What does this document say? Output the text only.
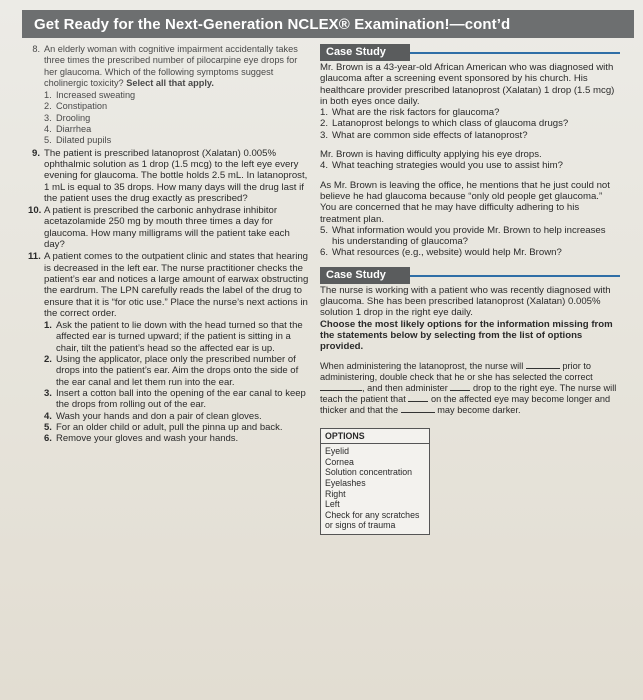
Get Ready for the Next-Generation NCLEX® Examination!—cont’d
8. An elderly woman with cognitive impairment accidentally takes three times the prescribed number of pilocarpine eye drops for her glaucoma. Which of the following symptoms suggest cholinergic toxicity? Select all that apply.
1. Increased sweating
2. Constipation
3. Drooling
4. Diarrhea
5. Dilated pupils
9. The patient is prescribed latanoprost (Xalatan) 0.005% ophthalmic solution as 1 drop (1.5 mcg) to the left eye every evening for glaucoma. The bottle holds 2.5 mL. In latanoprost, 1 mL is equal to 35 drops. How many days will the drug last if the patient uses the drug exactly as prescribed?
10. A patient is prescribed the carbonic anhydrase inhibitor acetazolamide 250 mg by mouth three times a day for glaucoma. How many milligrams will the patient take each day?
11. A patient comes to the outpatient clinic and states that hearing is decreased in the left ear. The nurse practitioner checks the patient’s ear and notices a large amount of earwax obstructing the eardrum. The LPN carefully reads the label of the drug to ensure that it is “for otic use.” Place the nurse’s next actions in the correct order.
1. Ask the patient to lie down with the head turned so that the affected ear is turned upward; if the patient is sitting in a chair, tilt the patient’s head so the affected ear is up.
2. Using the applicator, place only the prescribed number of drops into the patient’s ear. Aim the drops onto the side of the ear canal and let them run into the ear.
3. Insert a cotton ball into the opening of the ear canal to keep the drops from rolling out of the ear.
4. Wash your hands and don a pair of clean gloves.
5. For an older child or adult, pull the pinna up and back.
6. Remove your gloves and wash your hands.
Case Study

Mr. Brown is a 43-year-old African American who was diagnosed with glaucoma after a screening event sponsored by his church. His healthcare provider prescribed latanoprost (Xalatan) 1 drop (1.5 mcg) in both eyes once daily.

1. What are the risk factors for glaucoma?
2. Latanoprost belongs to which class of glaucoma drugs?
3. What are common side effects of latanoprost?

Mr. Brown is having difficulty applying his eye drops.

4. What teaching strategies would you use to assist him?

As Mr. Brown is leaving the office, he mentions that he just could not believe he had glaucoma because “only old people get glaucoma.” You are concerned that he may have difficulty adhering to his treatment plan.

5. What information would you provide Mr. Brown to help increases his understanding of glaucoma?
6. What resources (e.g., website) would help Mr. Brown?
Case Study

The nurse is working with a patient who was recently diagnosed with glaucoma. She has been prescribed latanoprost (Xalatan) 0.005% solution 1 drop in the right eye daily.

Choose the most likely options for the information missing from the statements below by selecting from the list of options provided.

When administering the latanoprost, the nurse will	prior to administering, double check that he or she has selected the correct , and then administer	drop to the right eye. The nurse will teach the patient that	on the affected eye may become longer and thicker and that the	may become darker.
OPTIONS
Eyelid
Cornea
Solution concentration
Eyelashes
Right
Left
Check for any scratches or signs of trauma
